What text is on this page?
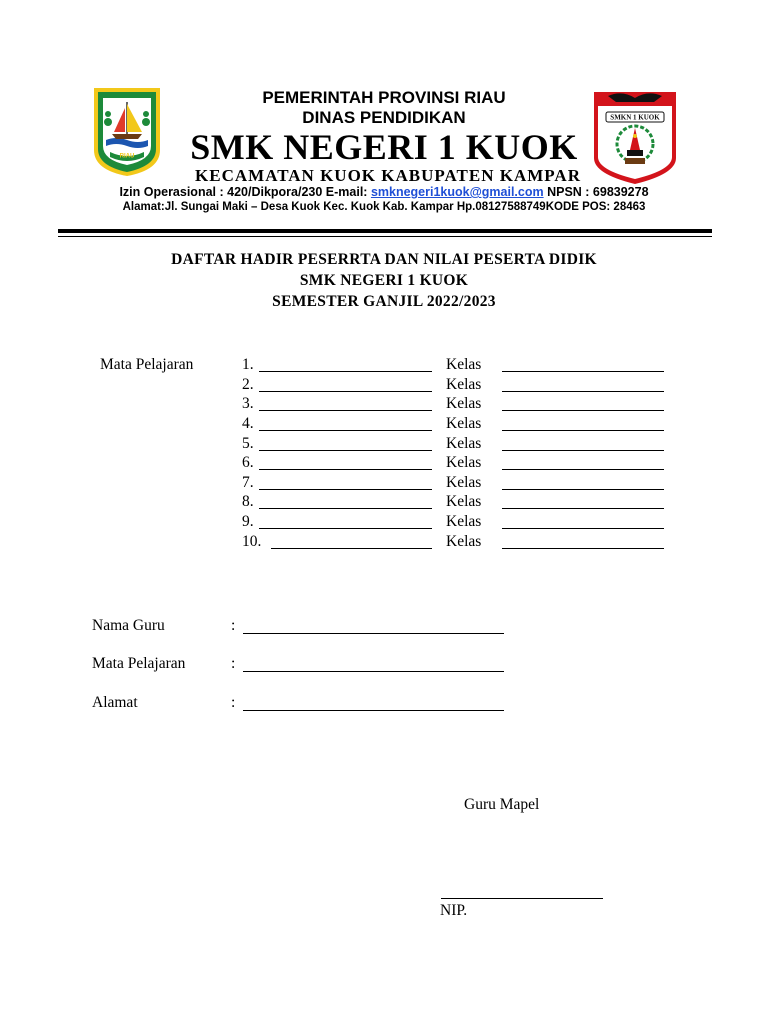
RIAU
SMKN 1 KUOK
PEMERINTAH PROVINSI RIAU
DINAS PENDIDIKAN
SMK NEGERI 1 KUOK
KECAMATAN KUOK KABUPATEN KAMPAR
Izin Operasional : 420/Dikpora/230 E-mail: smknegeri1kuok@gmail.com NPSN : 69839278
Alamat:Jl. Sungai Maki – Desa Kuok Kec. Kuok Kab. Kampar Hp.08127588749KODE POS: 28463
DAFTAR HADIR PESERRTA DAN NILAI PESERTA DIDIK
SMK NEGERI 1 KUOK
SEMESTER GANJIL 2022/2023
Mata Pelajaran	1.	Kelas
2.	Kelas
3.	Kelas
4.	Kelas
5.	Kelas
6.	Kelas
7.	Kelas
8.	Kelas
9.	Kelas
10.	Kelas
Nama Guru	:
Mata Pelajaran	:
Alamat	:
Guru Mapel
NIP.
